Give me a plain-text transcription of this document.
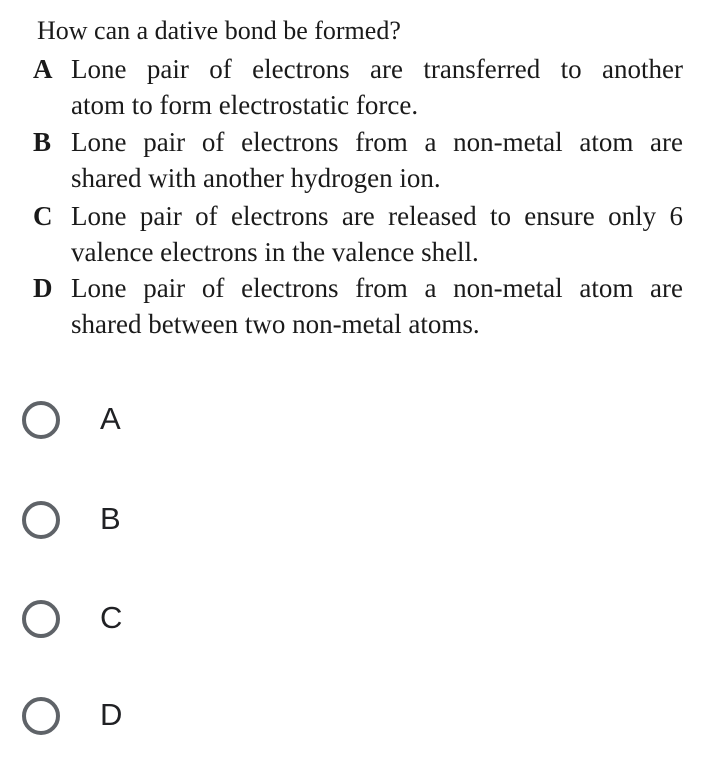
How can a dative bond be formed?
A Lone pair of electrons are transferred to another
atom to form electrostatic force.
B Lone pair of electrons from a non-metal atom are
shared with another hydrogen ion.
C Lone pair of electrons are released to ensure only 6
valence electrons in the valence shell.
D Lone pair of electrons from a non-metal atom are
shared between two non-metal atoms.
A
B
C
D
